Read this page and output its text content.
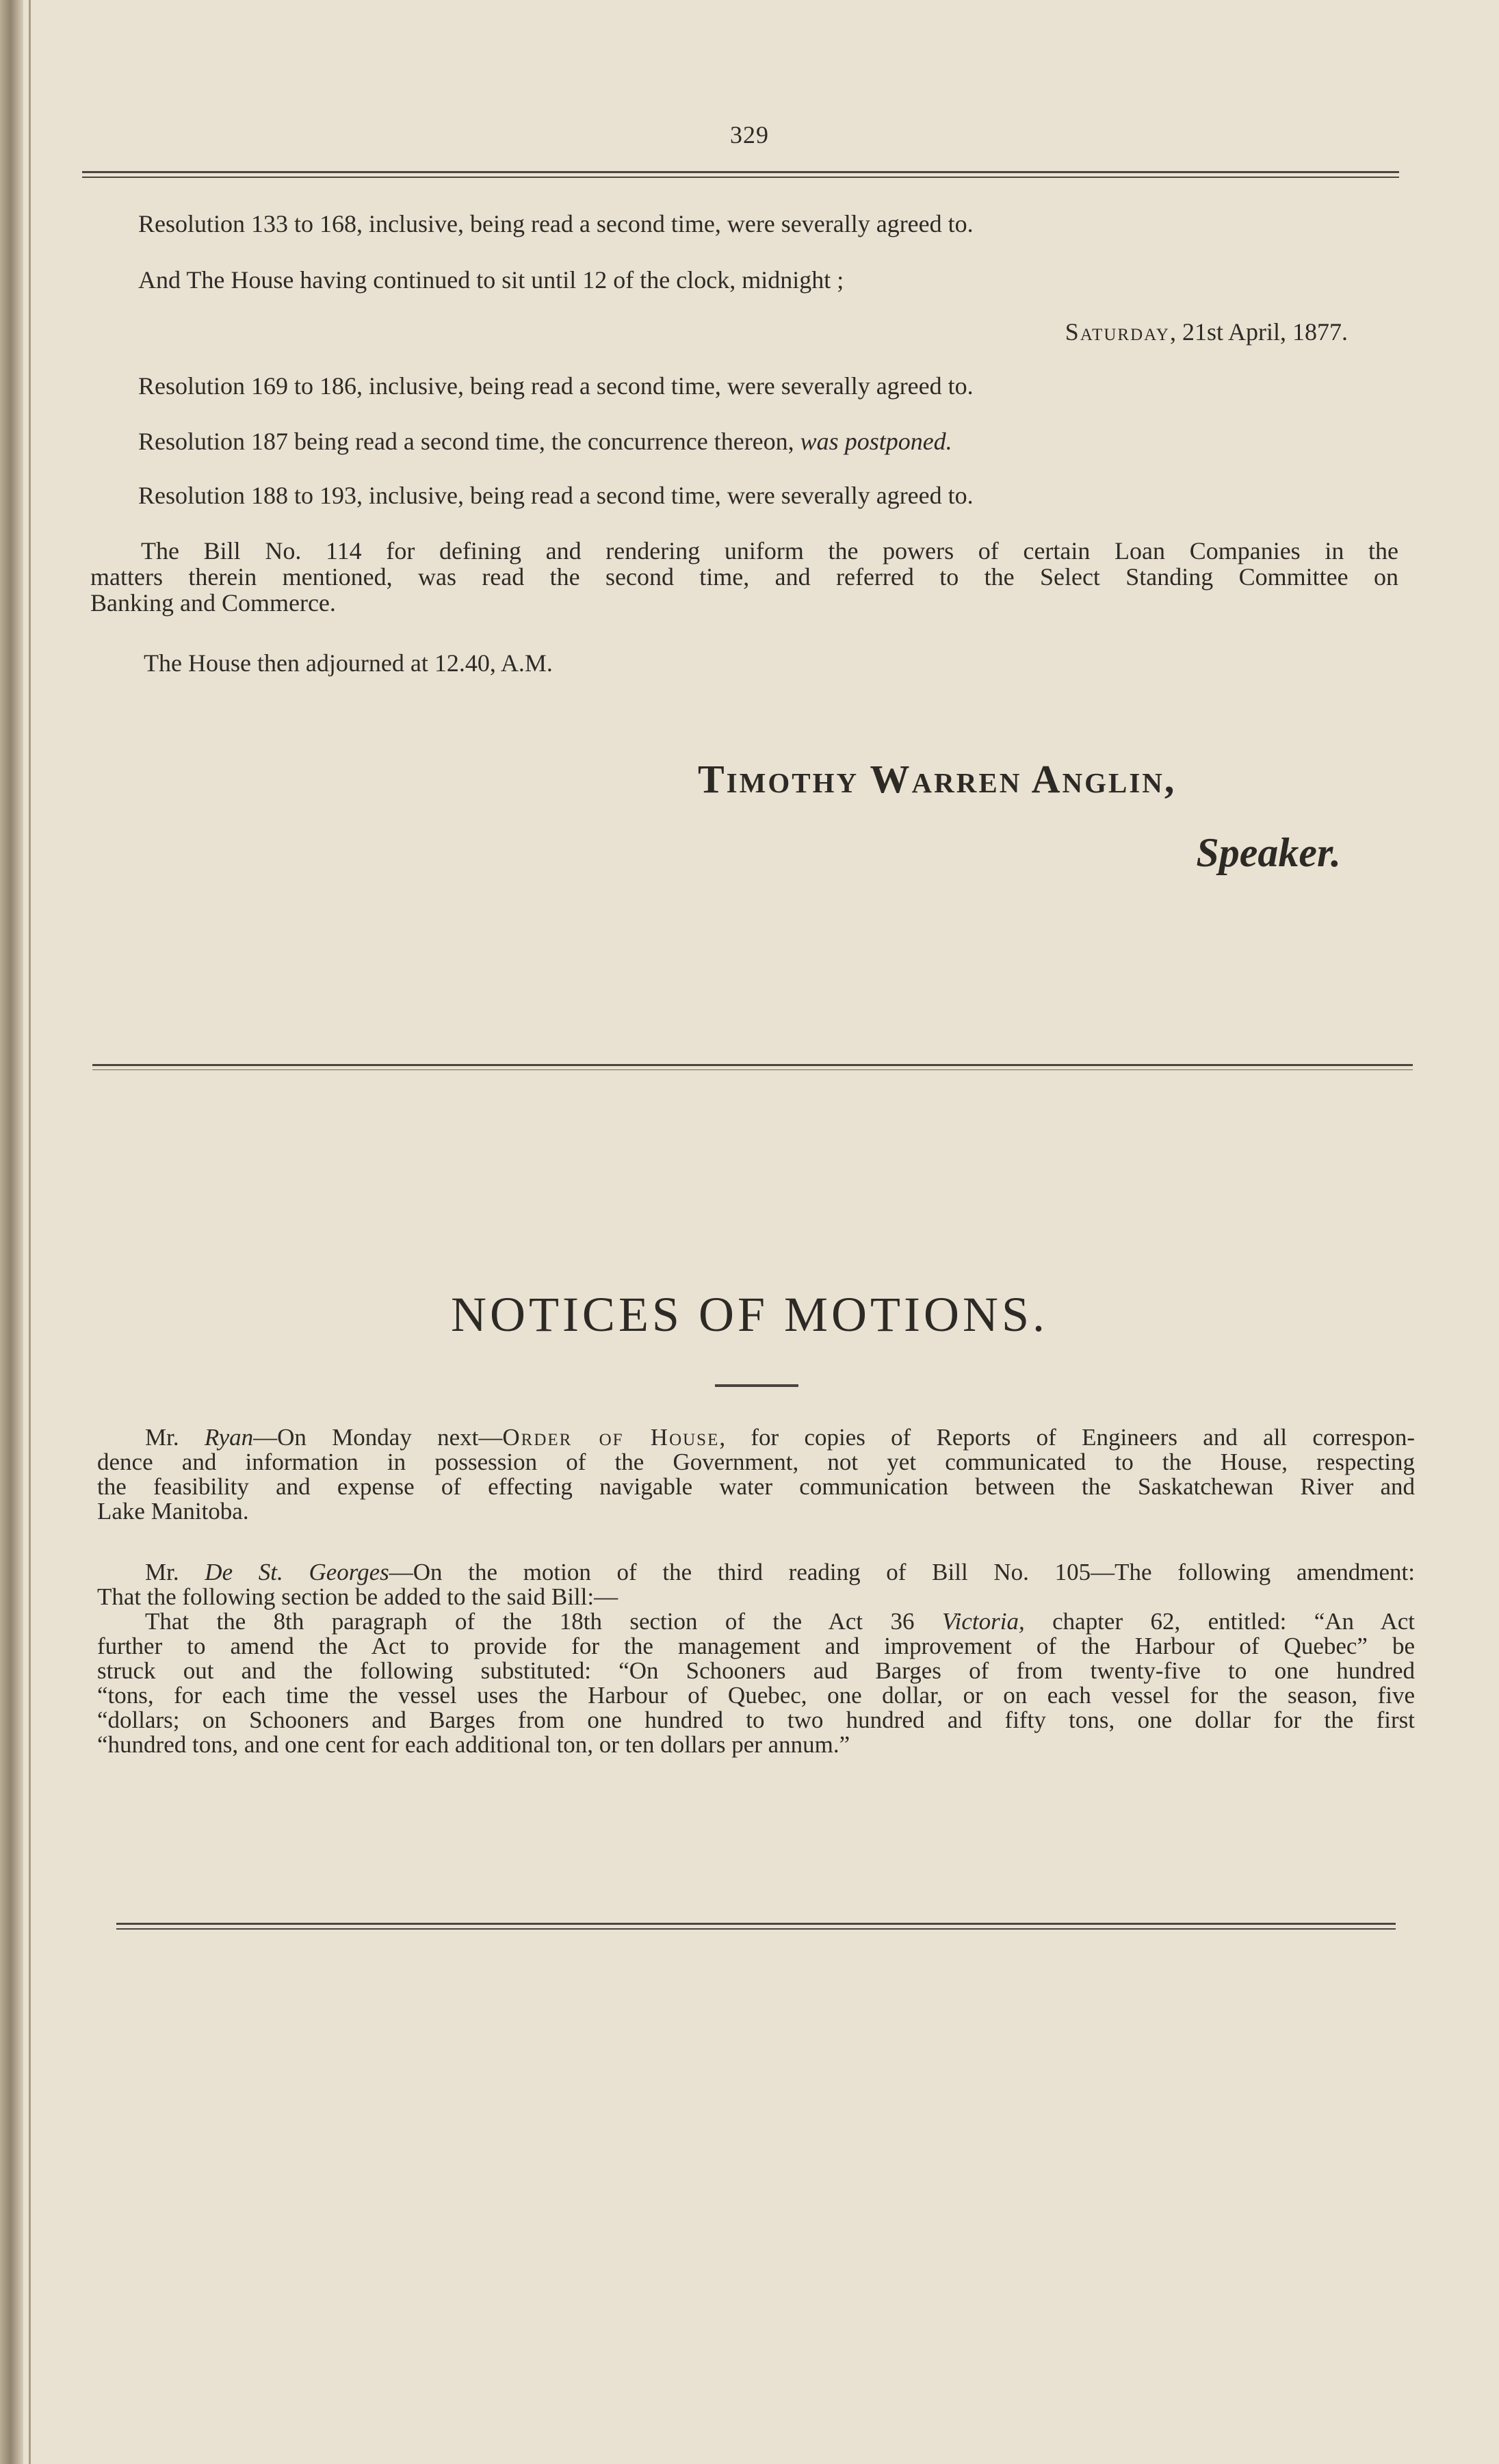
329

Resolution 133 to 168, inclusive, being read a second time, were severally agreed to.

And The House having continued to sit until 12 of the clock, midnight ;

Saturday, 21st April, 1877.

Resolution 169 to 186, inclusive, being read a second time, were severally agreed to.

Resolution 187 being read a second time, the concurrence thereon, was postponed.

Resolution 188 to 193, inclusive, being read a second time, were severally agreed to.

The Bill No. 114 for defining and rendering uniform the powers of certain Loan Companies in the

matters therein mentioned, was read the second time, and referred to the Select Standing Committee on

Banking and Commerce.

The House then adjourned at 12.40, A.M.

Timothy Warren Anglin,
Speaker.
NOTICES OF MOTIONS.

Mr. Ryan—On Monday next—Order of House, for copies of Reports of Engineers and all correspon-

dence and information in possession of the Government, not yet communicated to the House, respecting

the feasibility and expense of effecting navigable water communication between the Saskatchewan River and

Lake Manitoba.

Mr. De St. Georges—On the motion of the third reading of Bill No. 105—The following amendment:

That the following section be added to the said Bill:—

That the 8th paragraph of the 18th section of the Act 36 Victoria, chapter 62, entitled: “An Act

further to amend the Act to provide for the management and improvement of the Harbour of Quebec” be

struck out and the following substituted: “On Schooners aud Barges of from twenty-five to one hundred

“tons, for each time the vessel uses the Harbour of Quebec, one dollar, or on each vessel for the season, five

“dollars; on Schooners and Barges from one hundred to two hundred and fifty tons, one dollar for the first

“hundred tons, and one cent for each additional ton, or ten dollars per annum.”
